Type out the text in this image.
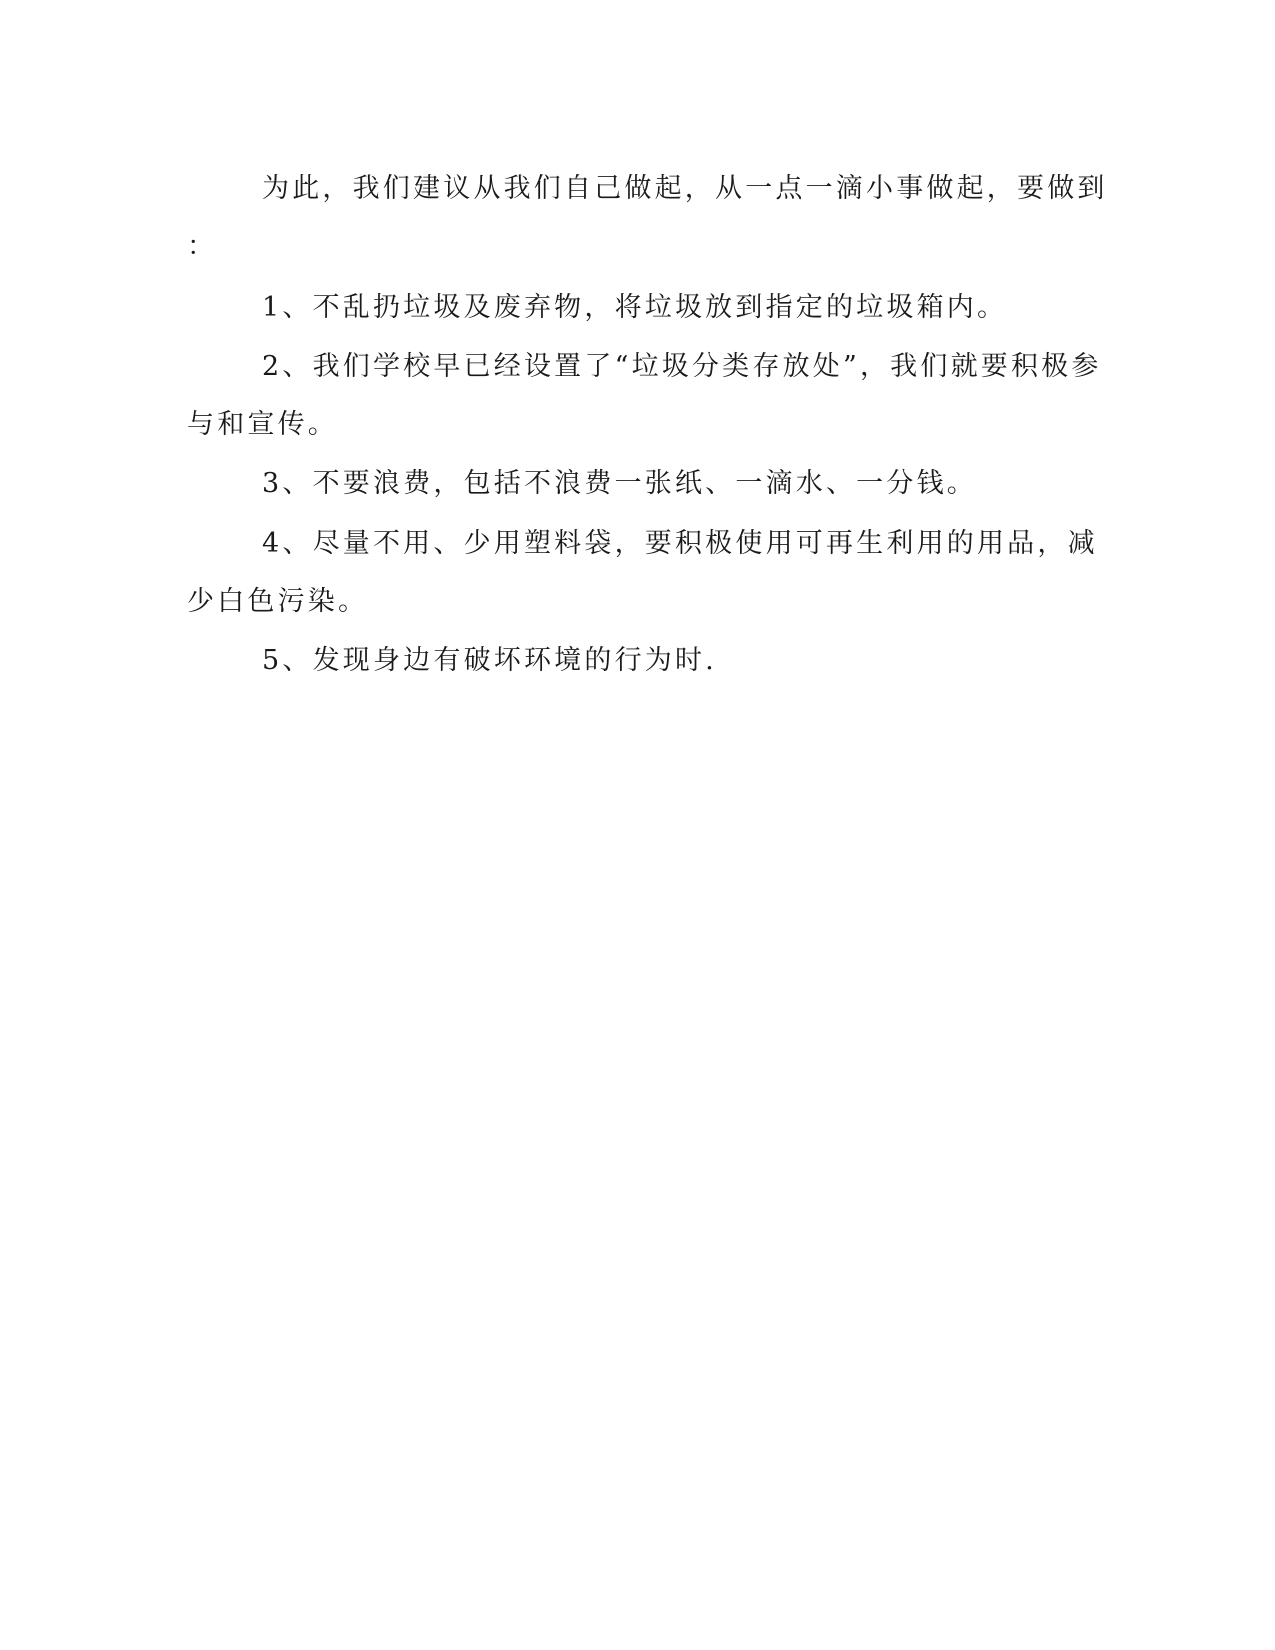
为此，我们建议从我们自己做起，从一点一滴小事做起，要做到

：

1、不乱扔垃圾及废弃物，将垃圾放到指定的垃圾箱内。

2、我们学校早已经设置了“垃圾分类存放处”，我们就要积极参

与和宣传。

3、不要浪费，包括不浪费一张纸、一滴水、一分钱。

4、尽量不用、少用塑料袋，要积极使用可再生利用的用品，减

少白色污染。

5、发现身边有破坏环境的行为时.
